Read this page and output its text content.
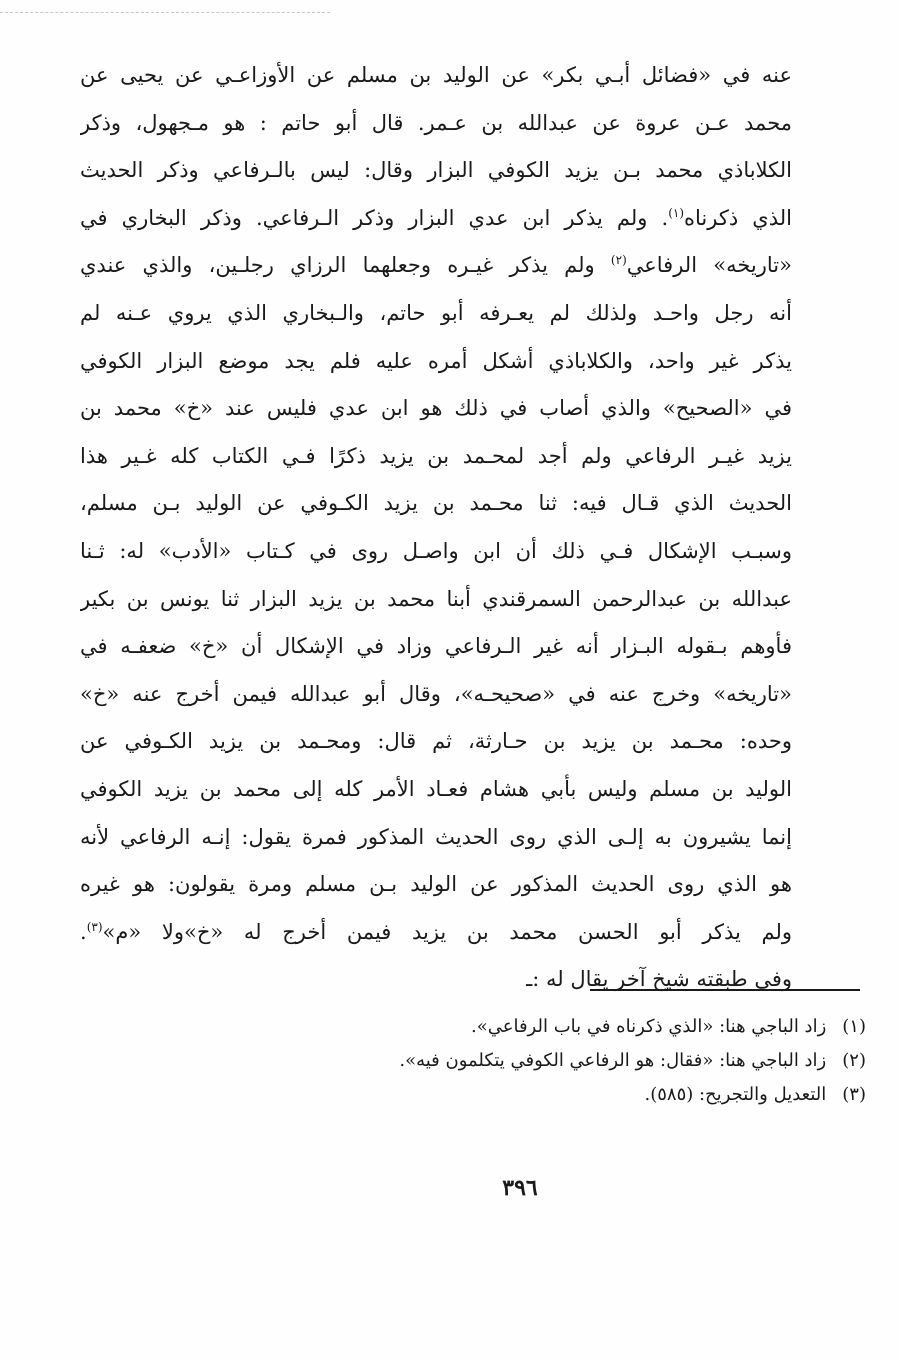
عنه في «فضائل أبـي بكر» عن الوليد بن مسلم عن الأوزاعـي عن يحيى عن
محمد عـن عروة عن عبدالله بن عـمر. قال أبو حاتم : هو مـجهول، وذكر
الكلاباذي محمد بـن يزيد الكوفي البزار وقال: ليس بالـرفاعي وذكر الحديث
الذي ذكرناه$^{(١)}$. ولم يذكر ابن عدي البزار وذكر الـرفاعي. وذكر البخاري في
«تاريخه» الرفاعي$^{(٢)}$ ولم يذكر غيـره وجعلهما الرزاي رجلـين، والذي عندي
أنه رجل واحـد ولذلك لم يعـرفه أبو حاتم، والـبخاري الذي يروي عـنه لم
يذكر غير واحد، والكلاباذي أشكل أمره عليه فلم يجد موضع البزار الكوفي
في «الصحيح» والذي أصاب في ذلك هو ابن عدي فليس عند «خ» محمد بن
يزيد غيـر الرفاعي ولم أجد لمحـمد بن يزيد ذكرًا فـي الكتاب كله غـير هذا
الحديث الذي قـال فيه: ثنا محـمد بن يزيد الكـوفي عن الوليد بـن مسلم،
وسبـب الإشكال فـي ذلك أن ابن واصـل روى في كـتاب «الأدب» له: ثـنا
عبدالله بن عبدالرحمن السمرقندي أبنا محمد بن يزيد البزار ثنا يونس بن بكير
فأوهم بـقوله البـزار أنه غير الـرفاعي وزاد في الإشكال أن «خ» ضعفـه في
«تاريخه» وخرج عنه في «صحيحـه»، وقال أبو عبدالله فيمن أخرج عنه «خ»
وحده: محـمد بن يزيد بن حـارثة، ثم قال: ومحـمد بن يزيد الكـوفي عن
الوليد بن مسلم وليس بأبي هشام فعـاد الأمر كله إلى محمد بن يزيد الكوفي
إنما يشيرون به إلـى الذي روى الحديث المذكور فمرة يقول: إنـه الرفاعي لأنه
هو الذي روى الحديث المذكور عن الوليد بـن مسلم ومرة يقولون: هو غيره
ولم يذكر أبو الحسن محمد بن يزيد فيمن أخرج له «خ»ولا «م»$^{(٣)}$.
وفي طبقته شيخ آخر يقال له :ـ
(١) زاد الباجي هنا: «الذي ذكرناه في باب الرفاعي».
(٢) زاد الباجي هنا: «فقال: هو الرفاعي الكوفي يتكلمون فيه».
(٣) التعديل والتجريح: (٥٨٥).
٣٩٦
